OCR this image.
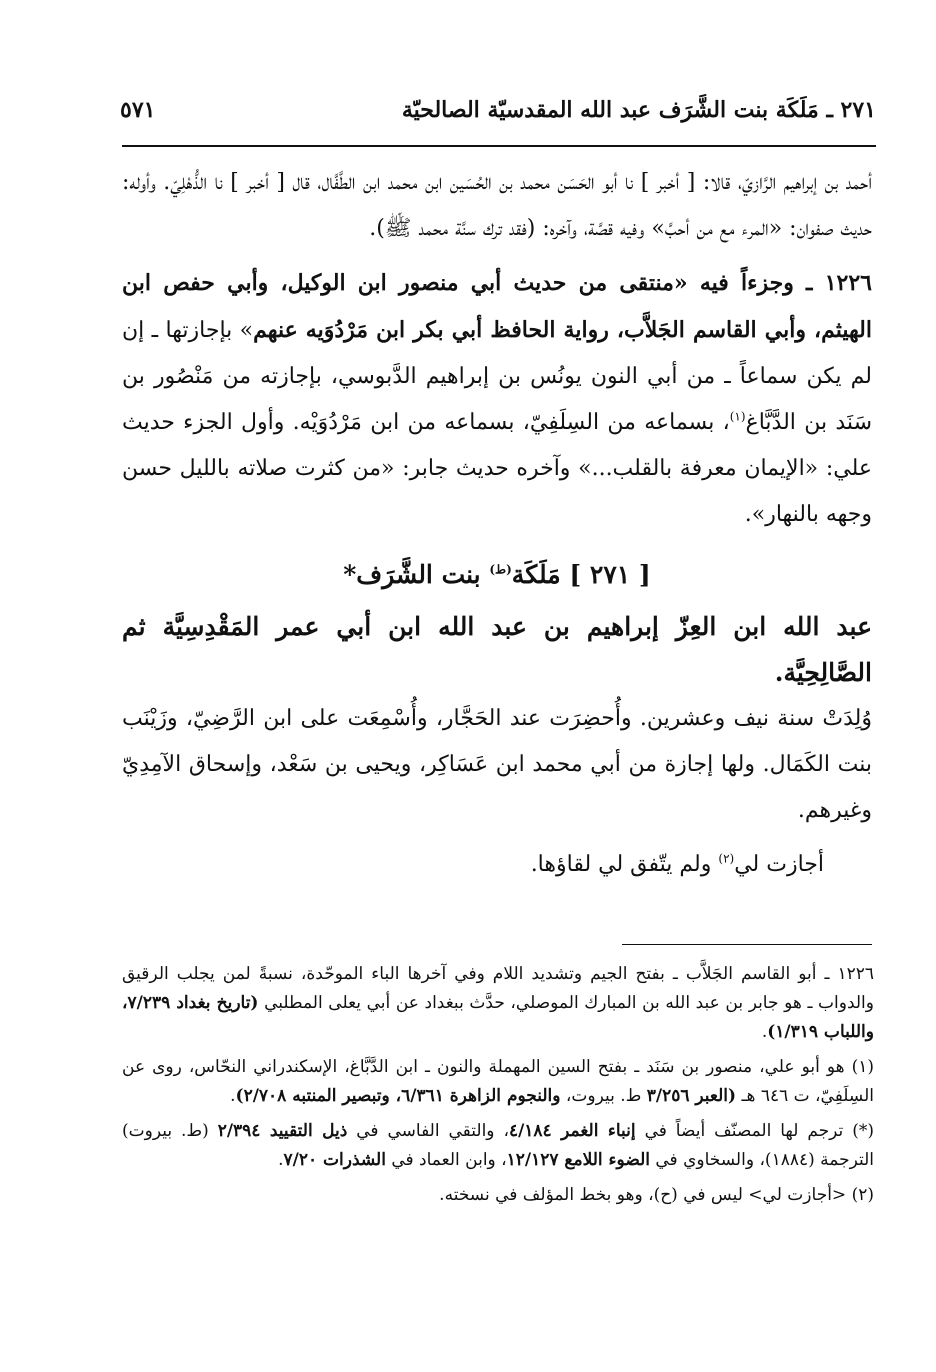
٢٧١ ـ مَلَكَة بنت الشَّرَف عبد الله المقدسيّة الصالحيّة
٥٧١

أحمد بن إبراهيم الرَّازيّ، قالا: [ أخبر ] نا أبو الحَسَن محمد بن الحُسَين ابن محمد ابن الطَّفَّال، قال [ أخبر ] نا الذُّهْلِيّ. وأوله: حديث صفوان: «المرء مع من أحبَّ» وفيه قصَّة، وآخره: (فقد ترك سنَّة محمد ﷺ).

١٢٢٦ ـ وجزءاً فيه «منتقى من حديث أبي منصور ابن الوكيل، وأبي حفص ابن الهيثم، وأبي القاسم الجَلاَّب، رواية الحافظ أبي بكر ابن مَرْدُوَيه عنهم» بإجازتها ـ إن لم يكن سماعاً ـ من أبي النون يونُس بن إبراهيم الدَّبوسي، بإجازته من مَنْصُور بن سَنَد بن الدَّبَّاغ$^{(١)}$، بسماعه من السِلَفِيّ، بسماعه من ابن مَرْدُوَيْه. وأول الجزء حديث علي: «الإيمان معرفة بالقلب...» وآخره حديث جابر: «من كثرت صلاته بالليل حسن وجهه بالنهار».

[ ٢٧١ ] مَلَكَة$^{(ط)}$ بنت الشَّرَف*

عبد الله ابن العِزّ إبراهيم بن عبد الله ابن أبي عمر المَقْدِسِيَّة ثم الصَّالِحِيَّة.

وُلِدَتْ سنة نيف وعشرين. وأُحضِرَت عند الحَجَّار، وأُسْمِعَت على ابن الرَّضِيّ، وزَيْنَب بنت الكَمَال. ولها إجازة من أبي محمد ابن عَسَاكِر، ويحيى بن سَعْد، وإسحاق الآمِدِيّ وغيرهم.

أجازت لي$^{(٢)}$ ولم يتّفق لي لقاؤها.

١٢٢٦ ـ أبو القاسم الجَلاَّب ـ بفتح الجيم وتشديد اللام وفي آخرها الباء الموحّدة، نسبةً لمن يجلب الرقيق والدواب ـ هو جابر بن عبد الله بن المبارك الموصلي، حدَّث ببغداد عن أبي يعلى المطلبي (تاريخ بغداد ٧/٢٣٩، واللباب ١/٣١٩).

(١) هو أبو علي، منصور بن سَنَد ـ بفتح السين المهملة والنون ـ ابن الدَّبَّاغ، الإسكندراني النحّاس، روى عن السِلَفِيّ، ت ٦٤٦ هـ (العبر ٣/٢٥٦ ط. بيروت، والنجوم الزاهرة ٦/٣٦١، وتبصير المنتبه ٢/٧٠٨).

(*) ترجم لها المصنّف أيضاً في إنباء الغمر ٤/١٨٤، والتقي الفاسي في ذيل التقييد ٢/٣٩٤ (ط. بيروت) الترجمة (١٨٨٤)، والسخاوي في الضوء اللامع ١٢/١٢٧، وابن العماد في الشذرات ٧/٢٠.

(٢) <أجازت لي> ليس في (ح)، وهو بخط المؤلف في نسخته.
